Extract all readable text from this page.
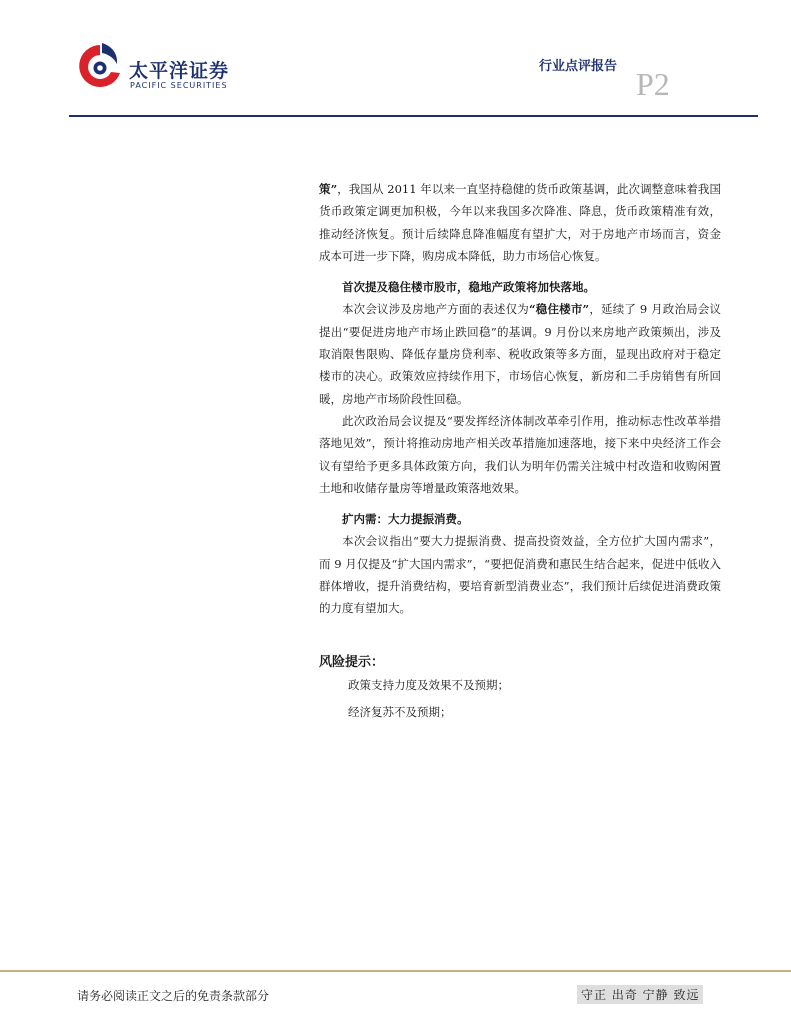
太平洋证券
PACIFIC SECURITIES
行业点评报告 P2

策”，我国从 2011 年以来一直坚持稳健的货币政策基调，此次调整意味着我国货币政策定调更加积极，今年以来我国多次降准、降息，货币政策精准有效，推动经济恢复。预计后续降息降准幅度有望扩大，对于房地产市场而言，资金成本可进一步下降，购房成本降低，助力市场信心恢复。

首次提及稳住楼市股市，稳地产政策将加快落地。

本次会议涉及房地产方面的表述仅为“稳住楼市”，延续了 9 月政治局会议提出“要促进房地产市场止跌回稳”的基调。9 月份以来房地产政策频出，涉及取消限售限购、降低存量房贷利率、税收政策等多方面，显现出政府对于稳定楼市的决心。政策效应持续作用下，市场信心恢复，新房和二手房销售有所回暖，房地产市场阶段性回稳。

此次政治局会议提及“要发挥经济体制改革牵引作用，推动标志性改革举措落地见效”，预计将推动房地产相关改革措施加速落地，接下来中央经济工作会议有望给予更多具体政策方向，我们认为明年仍需关注城中村改造和收购闲置土地和收储存量房等增量政策落地效果。

扩内需：大力提振消费。

本次会议指出“要大力提振消费、提高投资效益，全方位扩大国内需求”，而 9 月仅提及“扩大国内需求”，“要把促消费和惠民生结合起来，促进中低收入群体增收，提升消费结构，要培育新型消费业态”，我们预计后续促进消费政策的力度有望加大。

风险提示：

政策支持力度及效果不及预期；

经济复苏不及预期；

请务必阅读正文之后的免责条款部分	守正 出奇 宁静 致远
